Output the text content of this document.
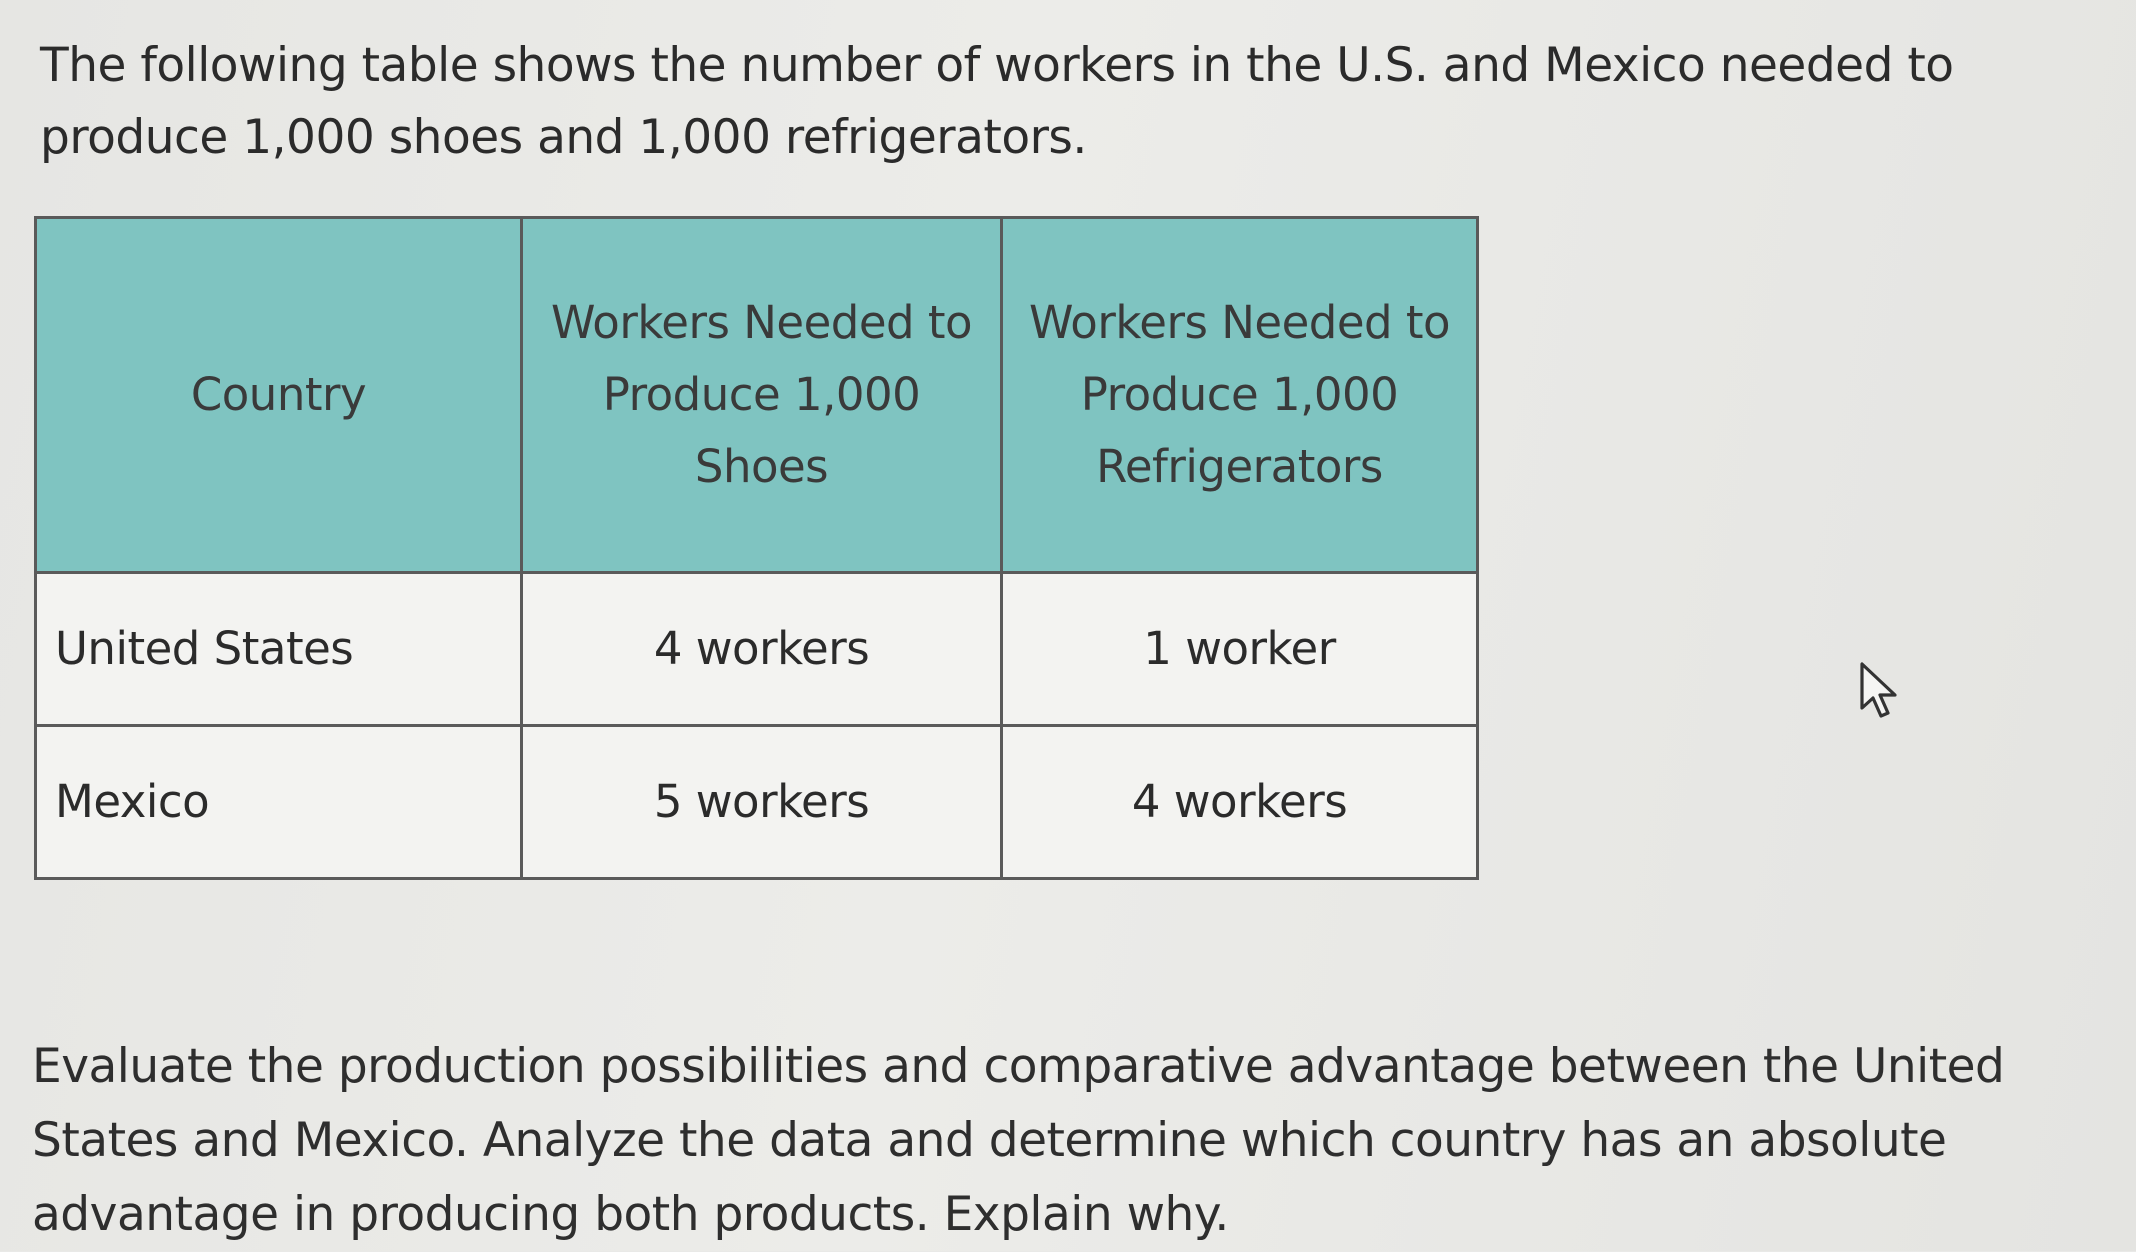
The following table shows the number of workers in the U.S. and Mexico needed to produce 1,000 shoes and 1,000 refrigerators.

Country	Workers Needed to Produce 1,000 Shoes	Workers Needed to Produce 1,000 Refrigerators
United States	4 workers	1 worker
Mexico	5 workers	4 workers

Evaluate the production possibilities and comparative advantage between the United States and Mexico. Analyze the data and determine which country has an absolute advantage in producing both products. Explain why.
